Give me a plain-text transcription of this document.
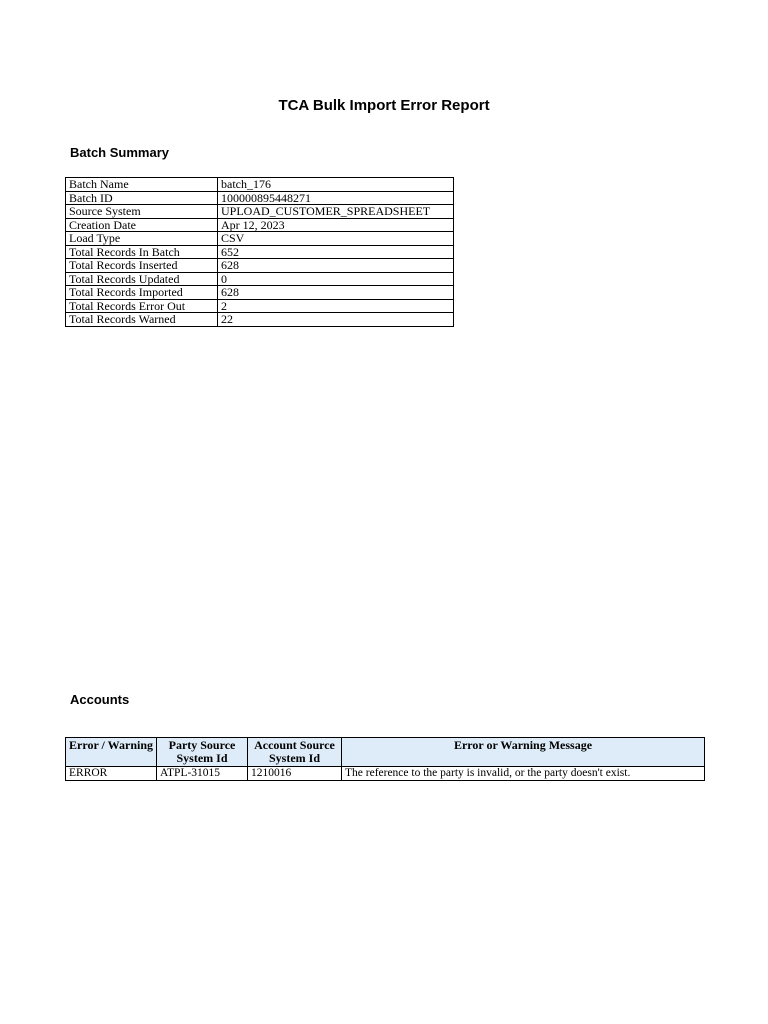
TCA Bulk Import Error Report
Batch Summary
Batch Name	batch_176
Batch ID	100000895448271
Source System	UPLOAD_CUSTOMER_SPREADSHEET
Creation Date	Apr 12, 2023
Load Type	CSV
Total Records In Batch	652
Total Records Inserted	628
Total Records Updated	0
Total Records Imported	628
Total Records Error Out	2
Total Records Warned	22
Accounts
Error / Warning	Party Source System Id	Account Source System Id	Error or Warning Message
ERROR	ATPL-31015	1210016	The reference to the party is invalid, or the party doesn't exist.
